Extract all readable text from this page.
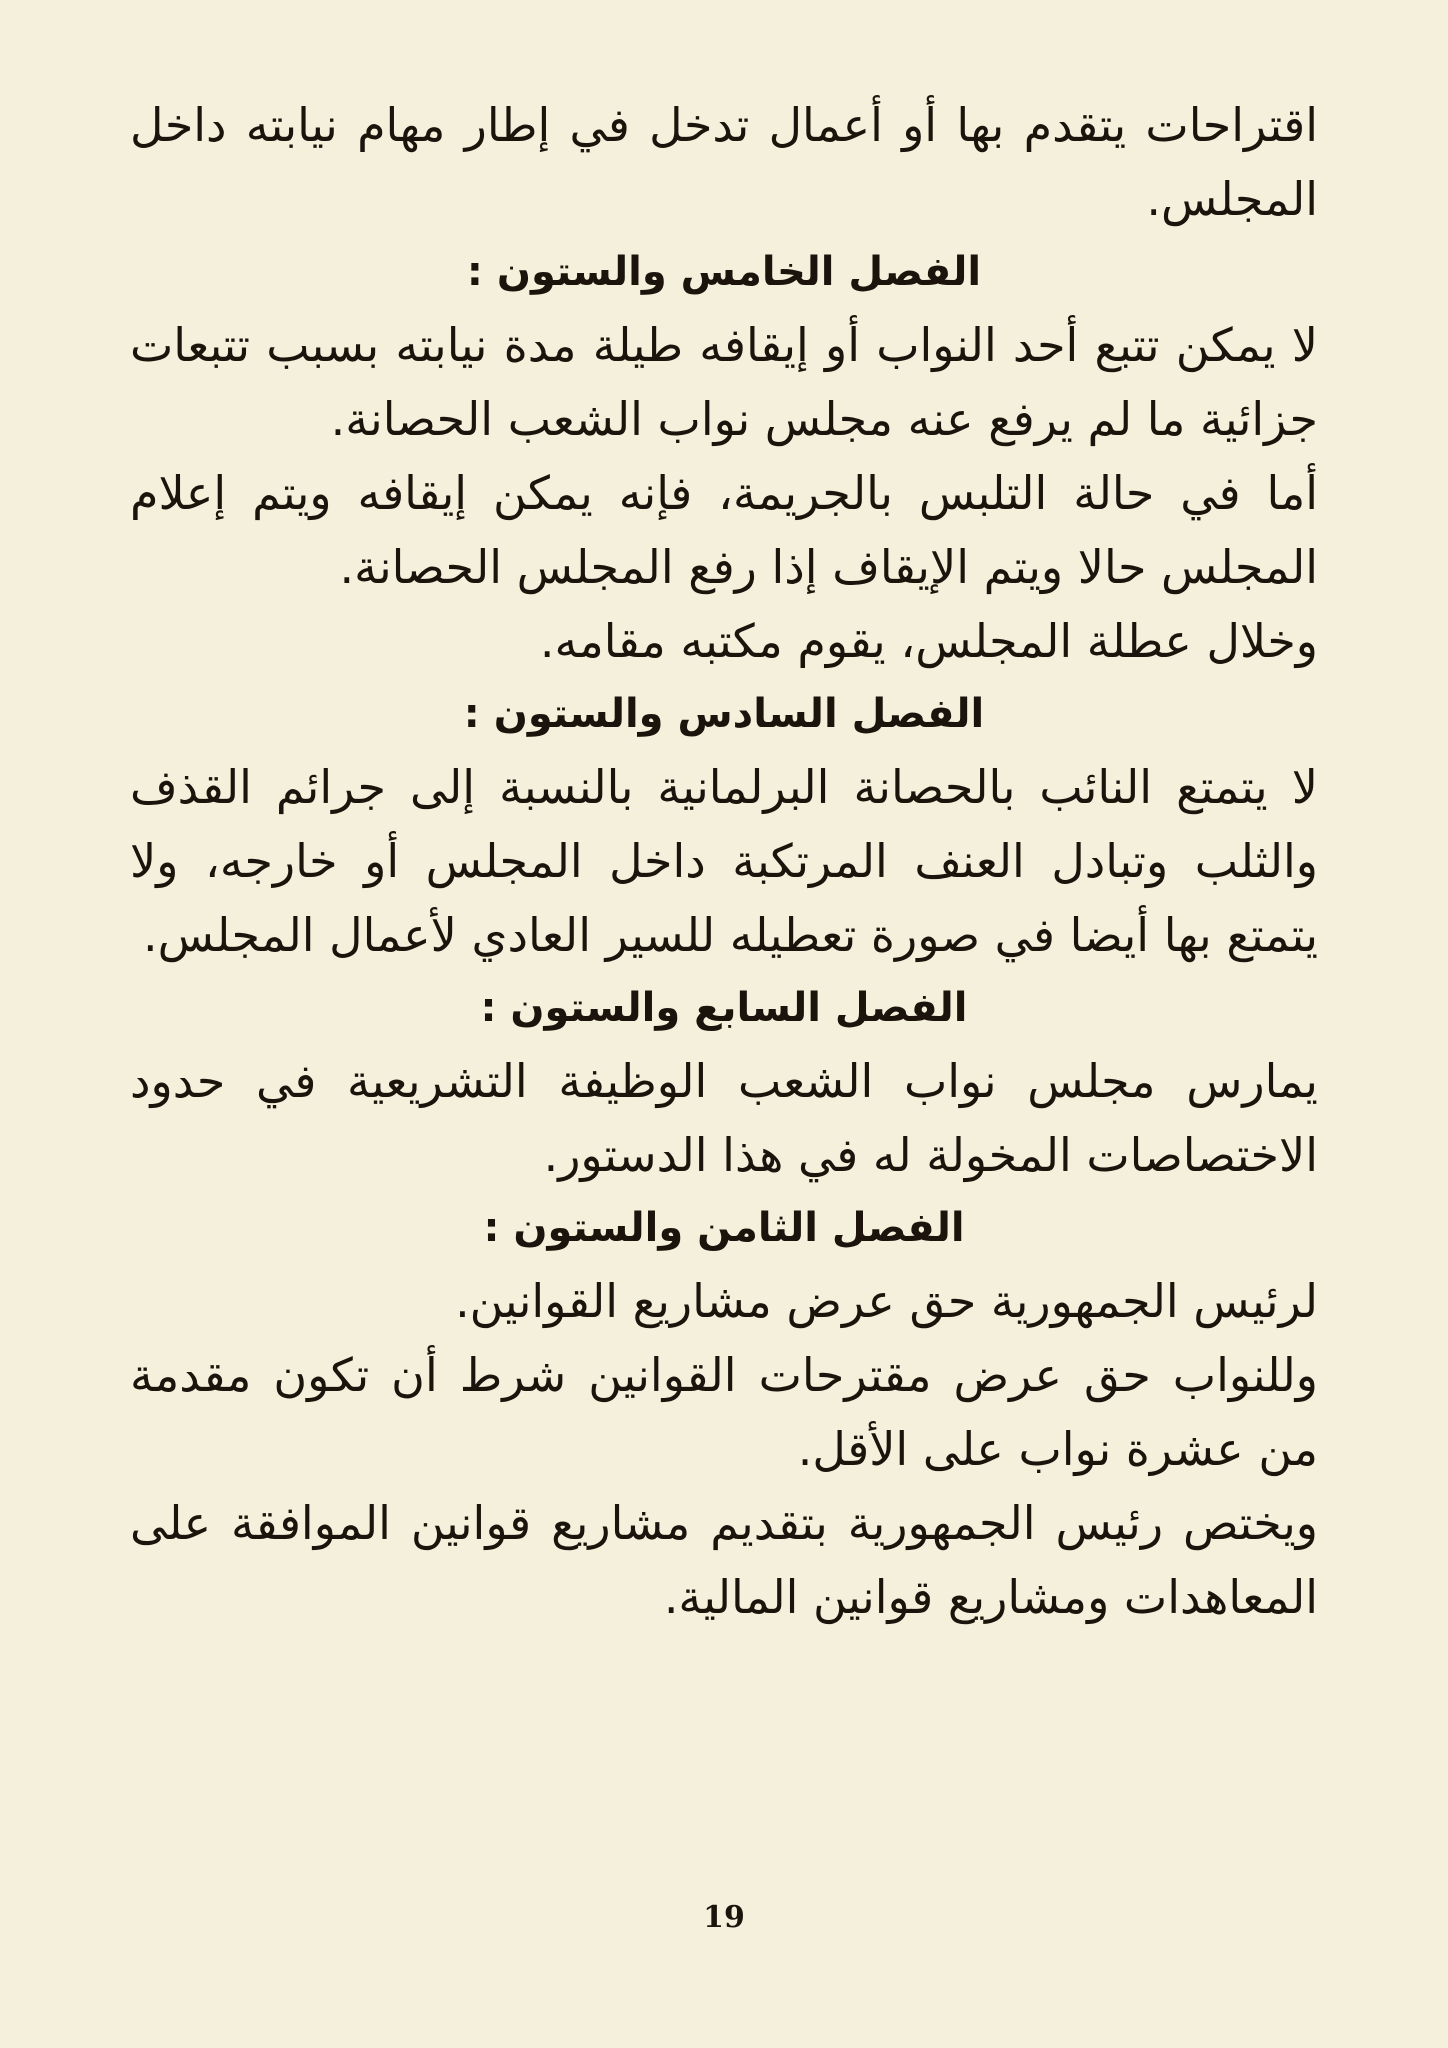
اقتراحات يتقدم بها أو أعمال تدخل في إطار مهام نيابته داخل المجلس.

الفصل الخامس والستون :

لا يمكن تتبع أحد النواب أو إيقافه طيلة مدة نيابته بسبب تتبعات جزائية ما لم يرفع عنه مجلس نواب الشعب الحصانة.

أما في حالة التلبس بالجريمة، فإنه يمكن إيقافه ويتم إعلام المجلس حالا ويتم الإيقاف إذا رفع المجلس الحصانة.

وخلال عطلة المجلس، يقوم مكتبه مقامه.

الفصل السادس والستون :

لا يتمتع النائب بالحصانة البرلمانية بالنسبة إلى جرائم القذف والثلب وتبادل العنف المرتكبة داخل المجلس أو خارجه، ولا يتمتع بها أيضا في صورة تعطيله للسير العادي لأعمال المجلس.

الفصل السابع والستون :

يمارس مجلس نواب الشعب الوظيفة التشريعية في حدود الاختصاصات المخولة له في هذا الدستور.

الفصل الثامن والستون :

لرئيس الجمهورية حق عرض مشاريع القوانين.

وللنواب حق عرض مقترحات القوانين شرط أن تكون مقدمة من عشرة نواب على الأقل.

ويختص رئيس الجمهورية بتقديم مشاريع قوانين الموافقة على المعاهدات ومشاريع قوانين المالية.

19
